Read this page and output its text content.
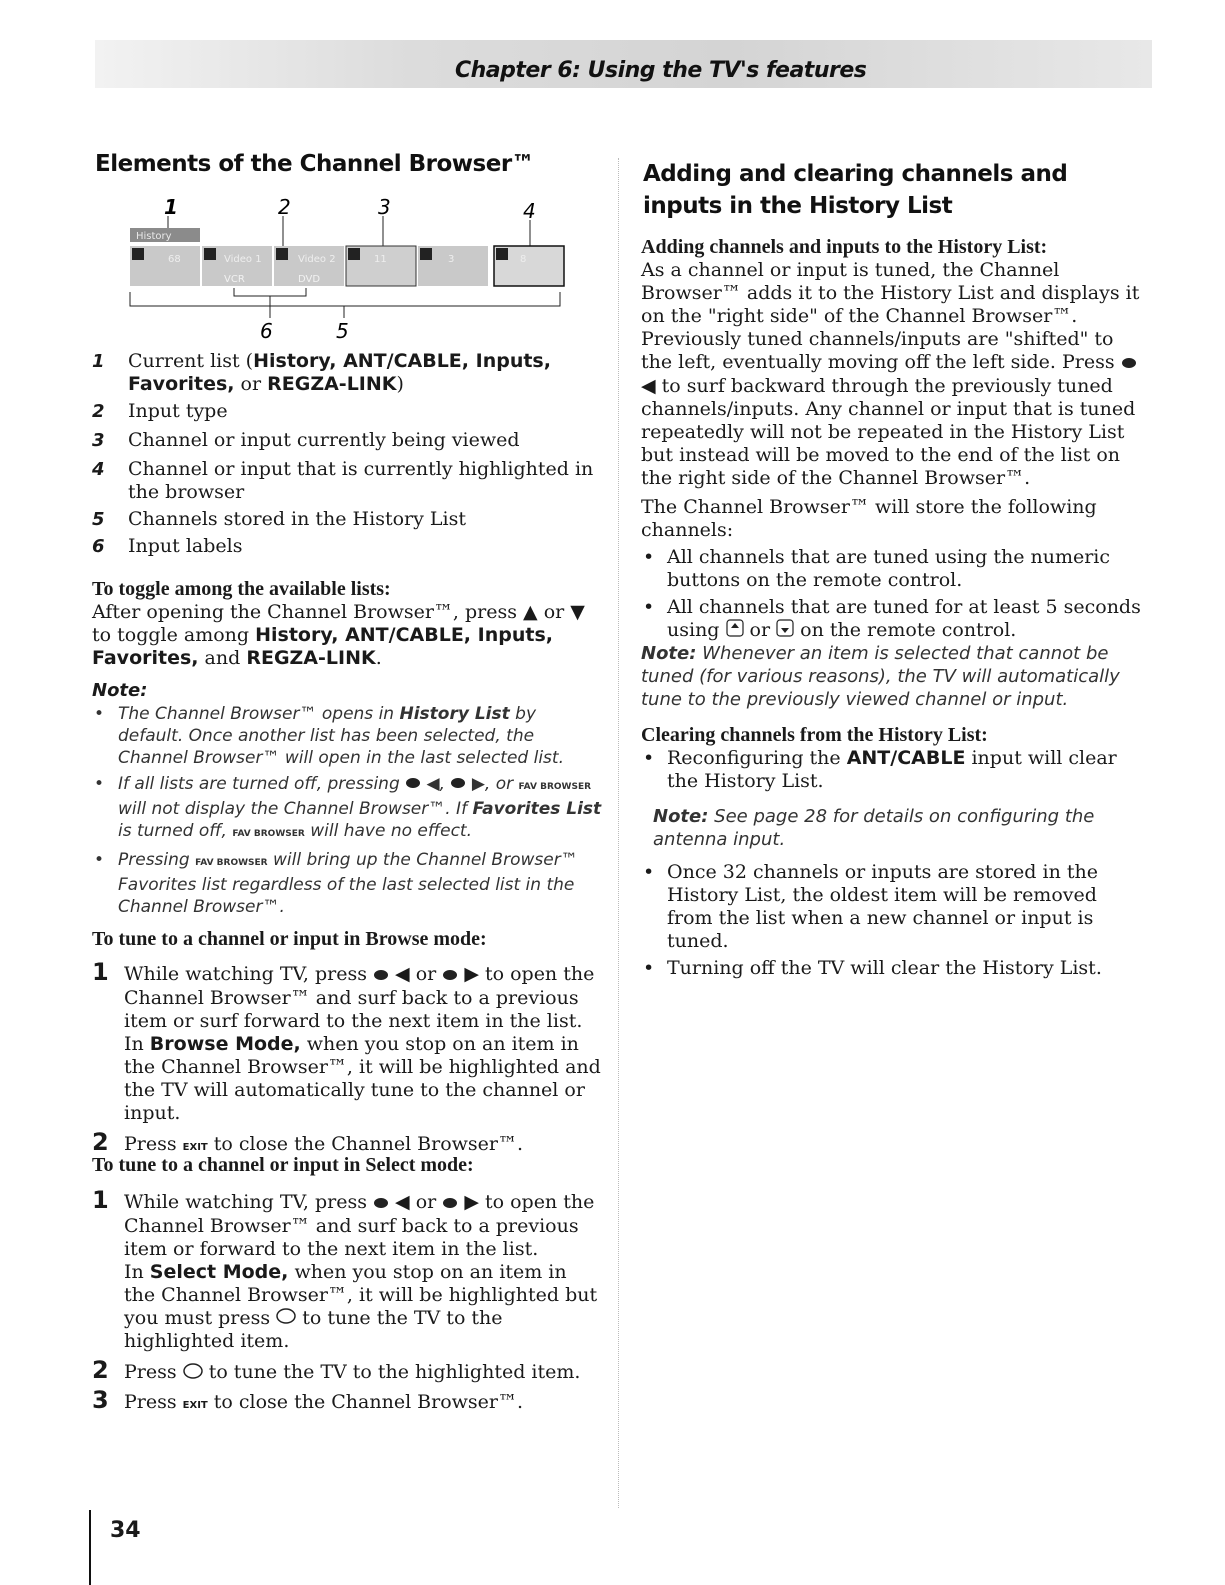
Chapter 6: Using the TV's features
Elements of the Channel Browser™
1	2	3	4
History
68	Video 1	Video 2	11	3	8
VCR	DVD
6	5
1 Current list (History, ANT/CABLE, Inputs,
Favorites, or REGZA-LINK)
2 Input type
3 Channel or input currently being viewed
4 Channel or input that is currently highlighted in the browser
5 Channels stored in the History List
6 Input labels
To toggle among the available lists:
After opening the Channel Browser™, press ▲ or ▼ to toggle among History, ANT/CABLE, Inputs, Favorites, and REGZA-LINK.
Note:
• The Channel Browser™ opens in History List by default. Once another list has been selected, the Channel Browser™ will open in the last selected list.
• If all lists are turned off, pressing  ◀,  ▶, or FAV BROWSER will not display the Channel Browser™. If Favorites List is turned off, FAV BROWSER will have no effect.
• Pressing FAV BROWSER will bring up the Channel Browser™ Favorites list regardless of the last selected list in the Channel Browser™.
To tune to a channel or input in Browse mode:
1 While watching TV, press  ◀ or  ▶ to open the Channel Browser™ and surf back to a previous item or surf forward to the next item in the list.
In Browse Mode, when you stop on an item in the Channel Browser™, it will be highlighted and the TV will automatically tune to the channel or input.
2 Press EXIT to close the Channel Browser™.
To tune to a channel or input in Select mode:
1 While watching TV, press  ◀ or  ▶ to open the Channel Browser™ and surf back to a previous item or forward to the next item in the list.
In Select Mode, when you stop on an item in the Channel Browser™, it will be highlighted but you must press  to tune the TV to the highlighted item.
2 Press  to tune the TV to the highlighted item.
3 Press EXIT to close the Channel Browser™.
Adding and clearing channels and inputs in the History List
Adding channels and inputs to the History List:
As a channel or input is tuned, the Channel Browser™ adds it to the History List and displays it on the "right side" of the Channel Browser™. Previously tuned channels/inputs are "shifted" to the left, eventually moving off the left side. Press  ◀ to surf backward through the previously tuned channels/inputs. Any channel or input that is tuned repeatedly will not be repeated in the History List but instead will be moved to the end of the list on the right side of the Channel Browser™.
The Channel Browser™ will store the following channels:
• All channels that are tuned using the numeric buttons on the remote control.
• All channels that are tuned for at least 5 seconds using  or  on the remote control.
Note: Whenever an item is selected that cannot be tuned (for various reasons), the TV will automatically tune to the previously viewed channel or input.
Clearing channels from the History List:
• Reconfiguring the ANT/CABLE input will clear the History List.
Note: See page 28 for details on configuring the antenna input.
• Once 32 channels or inputs are stored in the History List, the oldest item will be removed from the list when a new channel or input is tuned.
• Turning off the TV will clear the History List.
34
